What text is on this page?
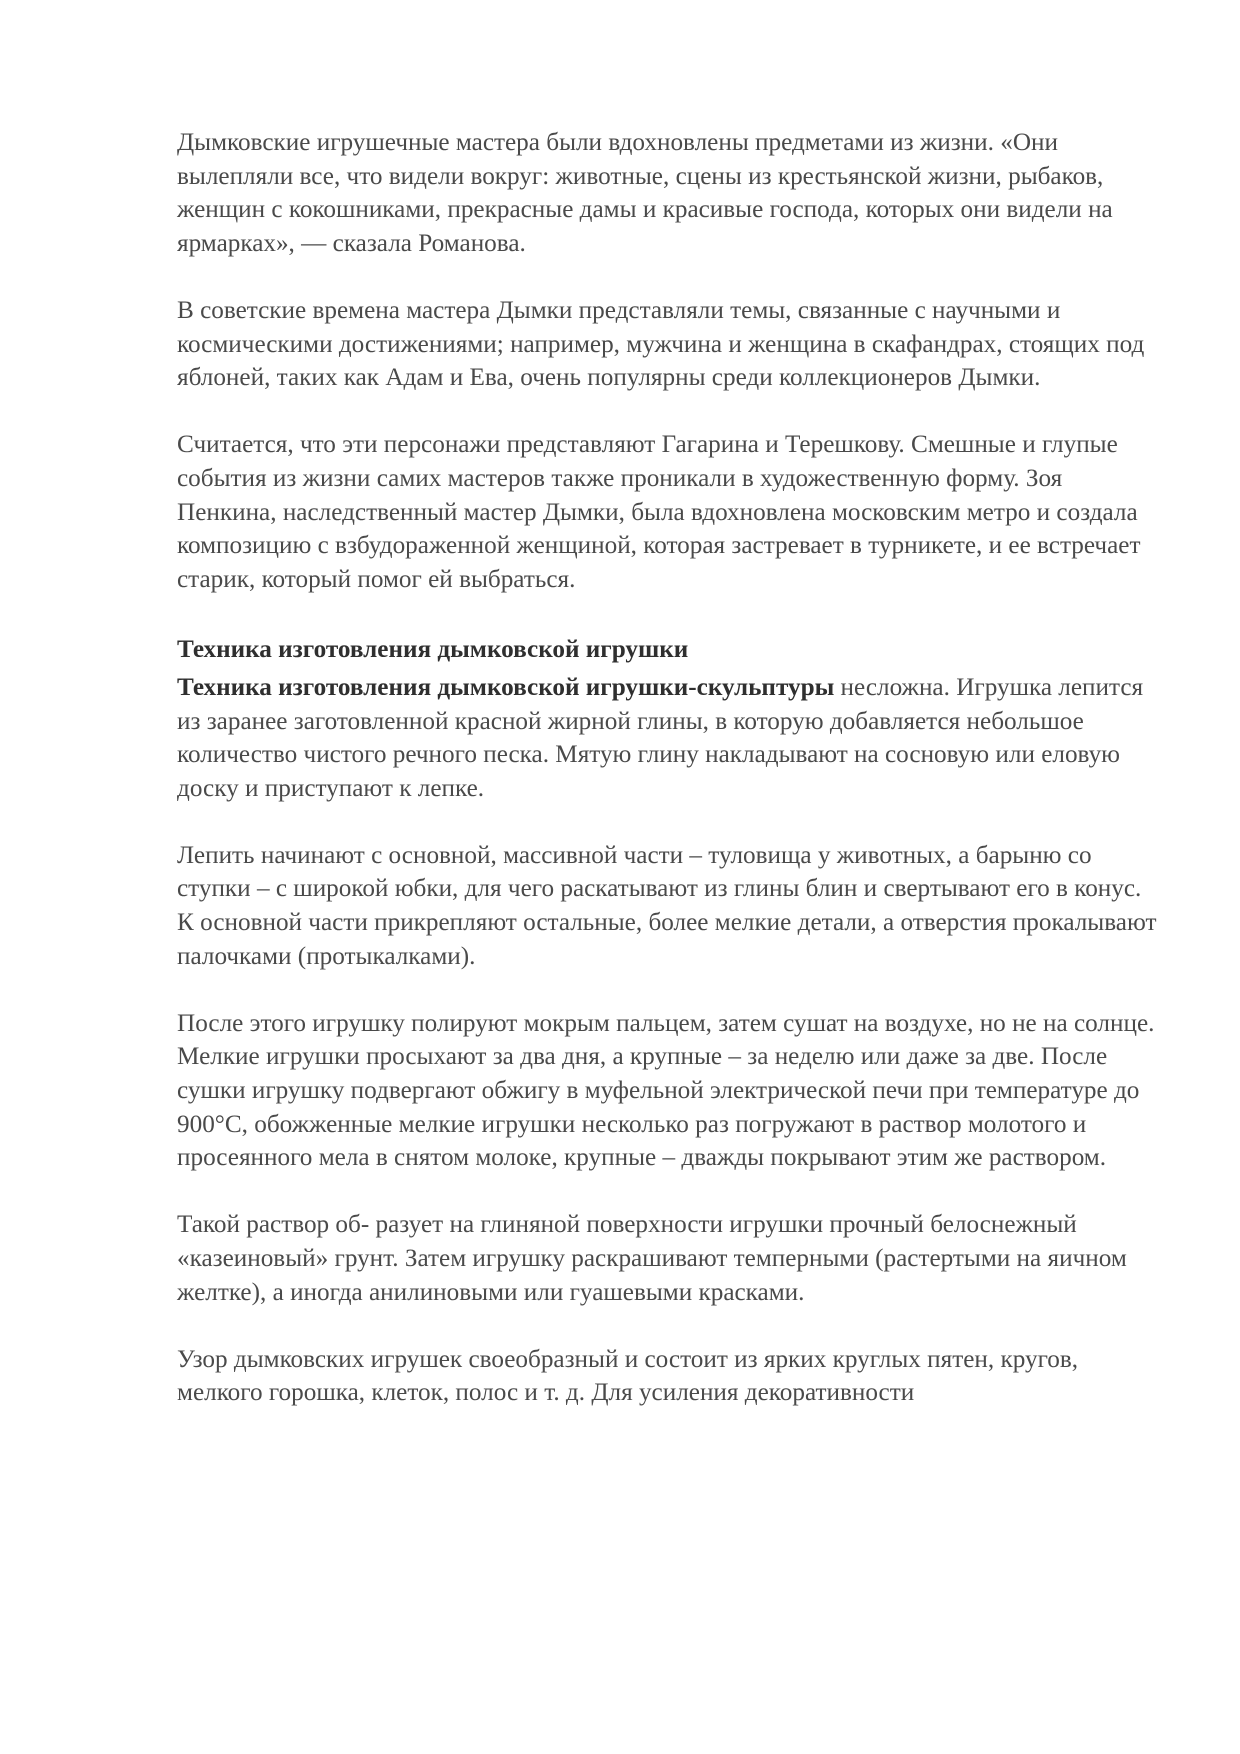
Дымковские игрушечные мастера были вдохновлены предметами из жизни. «Они вылепляли все, что видели вокруг: животные, сцены из крестьянской жизни, рыбаков, женщин с кокошниками, прекрасные дамы и красивые господа, которых они видели на ярмарках», — сказала Романова.

В советские времена мастера Дымки представляли темы, связанные с научными и космическими достижениями; например, мужчина и женщина в скафандрах, стоящих под яблоней, таких как Адам и Ева, очень популярны среди коллекционеров Дымки.

Считается, что эти персонажи представляют Гагарина и Терешкову. Смешные и глупые события из жизни самих мастеров также проникали в художественную форму. Зоя Пенкина, наследственный мастер Дымки, была вдохновлена московским метро и создала композицию с взбудораженной женщиной, которая застревает в турникете, и ее встречает старик, который помог ей выбраться.

Техника изготовления дымковской игрушки

Техника изготовления дымковской игрушки-скульптуры несложна. Игрушка лепится из заранее заготовленной красной жирной глины, в которую добавляется небольшое количество чистого речного песка. Мятую глину накладывают на сосновую или еловую доску и приступают к лепке.

Лепить начинают с основной, массивной части – туловища у животных, а барыню со ступки – с широкой юбки, для чего раскатывают из глины блин и свертывают его в конус. К основной части прикрепляют остальные, более мелкие детали, а отверстия прокалывают палочками (протыкалками).

После этого игрушку полируют мокрым пальцем, затем сушат на воздухе, но не на солнце. Мелкие игрушки просыхают за два дня, а крупные – за неделю или даже за две. После сушки игрушку подвергают обжигу в муфельной электрической печи при температуре до 900°С, обожженные мелкие игрушки несколько раз погружают в раствор молотого и просеянного мела в снятом молоке, крупные – дважды покрывают этим же раствором.

Такой раствор об- разует на глиняной поверхности игрушки прочный белоснежный «казеиновый» грунт. Затем игрушку раскрашивают темперными (растертыми на яичном желтке), а иногда анилиновыми или гуашевыми красками.

Узор дымковских игрушек своеобразный и состоит из ярких круглых пятен, кругов, мелкого горошка, клеток, полос и т. д. Для усиления декоративности
